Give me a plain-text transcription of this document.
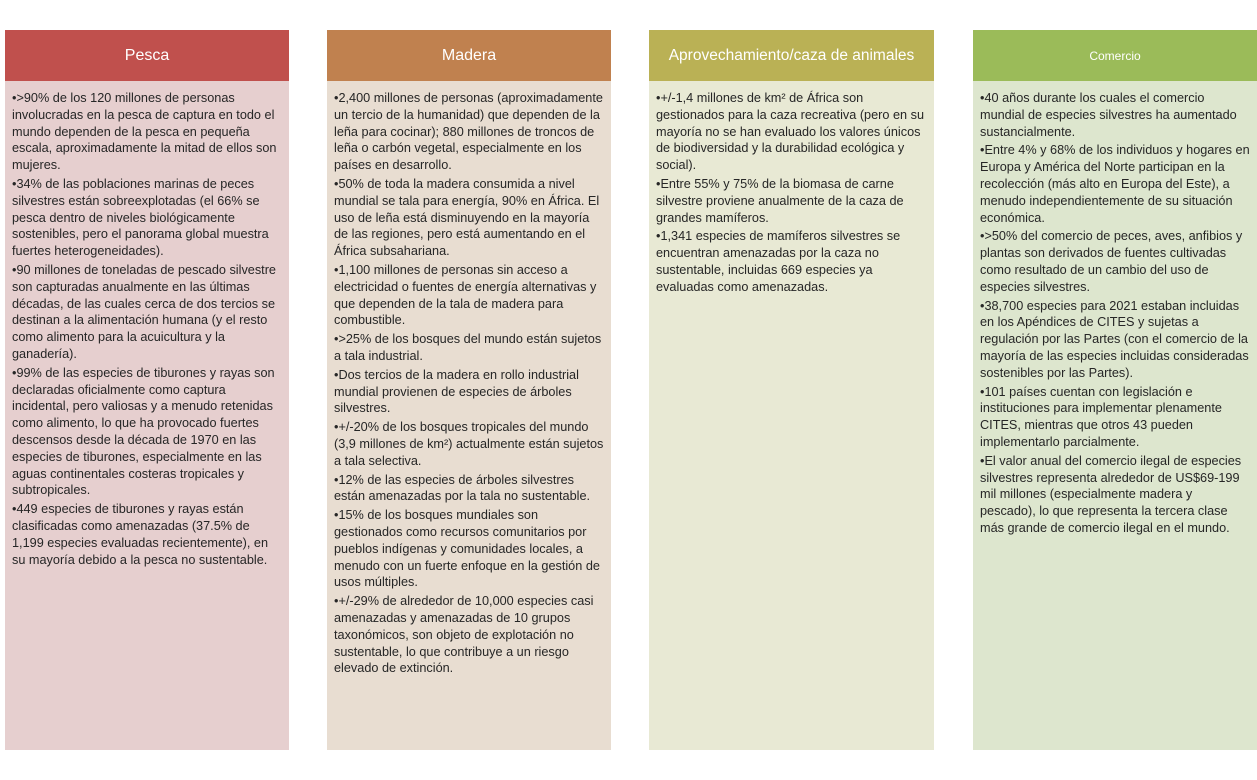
Pesca
•>90% de los 120 millones de personas involucradas en la pesca de captura en todo el mundo dependen de la pesca en pequeña escala, aproximadamente la mitad de ellos son mujeres.
•34% de las poblaciones marinas de peces silvestres están sobreexplotadas (el 66% se pesca dentro de niveles biológicamente sostenibles, pero el panorama global muestra fuertes heterogeneidades).
•90 millones de toneladas de pescado silvestre son capturadas anualmente en las últimas décadas, de las cuales cerca de dos tercios se destinan a la alimentación humana (y el resto como alimento para la acuicultura y la ganadería).
•99% de las especies de tiburones y rayas son declaradas oficialmente como captura incidental, pero valiosas y a menudo retenidas como alimento, lo que ha provocado fuertes descensos desde la década de 1970 en las especies de tiburones, especialmente en las aguas continentales costeras tropicales y subtropicales.
•449 especies de tiburones y rayas están clasificadas como amenazadas (37.5% de 1,199 especies evaluadas recientemente), en su mayoría debido a la pesca no sustentable.
Madera
•2,400 millones de personas (aproximadamente un tercio de la humanidad) que dependen de la leña para cocinar); 880 millones de troncos de leña o carbón vegetal, especialmente en los países en desarrollo.
•50% de toda la madera consumida a nivel mundial se tala para energía, 90% en África. El uso de leña está disminuyendo en la mayoría de las regiones, pero está aumentando en el África subsahariana.
•1,100 millones de personas sin acceso a electricidad o fuentes de energía alternativas y que dependen de la tala de madera para combustible.
•>25% de los bosques del mundo están sujetos a tala industrial.
•Dos tercios de la madera en rollo industrial mundial provienen de especies de árboles silvestres.
•+/-20% de los bosques tropicales del mundo (3,9 millones de km²) actualmente están sujetos a tala selectiva.
•12% de las especies de árboles silvestres están amenazadas por la tala no sustentable.
•15% de los bosques mundiales son gestionados como recursos comunitarios por pueblos indígenas y comunidades locales, a menudo con un fuerte enfoque en la gestión de usos múltiples.
•+/-29% de alrededor de 10,000 especies casi amenazadas y amenazadas de 10 grupos taxonómicos, son objeto de explotación no sustentable, lo que contribuye a un riesgo elevado de extinción.
Aprovechamiento/caza de animales
•+/-1,4 millones de km² de África son gestionados para la caza recreativa (pero en su mayoría no se han evaluado los valores únicos de biodiversidad y la durabilidad ecológica y social).
•Entre 55% y 75% de la biomasa de carne silvestre proviene anualmente de la caza de grandes mamíferos.
•1,341 especies de mamíferos silvestres se encuentran amenazadas por la caza no sustentable, incluidas 669 especies ya evaluadas como amenazadas.
Comercio
•40 años durante los cuales el comercio mundial de especies silvestres ha aumentado sustancialmente.
•Entre 4% y 68% de los individuos y hogares en Europa y América del Norte participan en la recolección (más alto en Europa del Este), a menudo independientemente de su situación económica.
•>50% del comercio de peces, aves, anfibios y plantas son derivados de fuentes cultivadas como resultado de un cambio del uso de especies silvestres.
•38,700 especies para 2021 estaban incluidas en los Apéndices de CITES y sujetas a regulación por las Partes (con el comercio de la mayoría de las especies incluidas consideradas sostenibles por las Partes).
•101 países cuentan con legislación e instituciones para implementar plenamente CITES, mientras que otros 43 pueden implementarlo parcialmente.
•El valor anual del comercio ilegal de especies silvestres representa alrededor de US$69-199 mil millones (especialmente madera y pescado), lo que representa la tercera clase más grande de comercio ilegal en el mundo.
